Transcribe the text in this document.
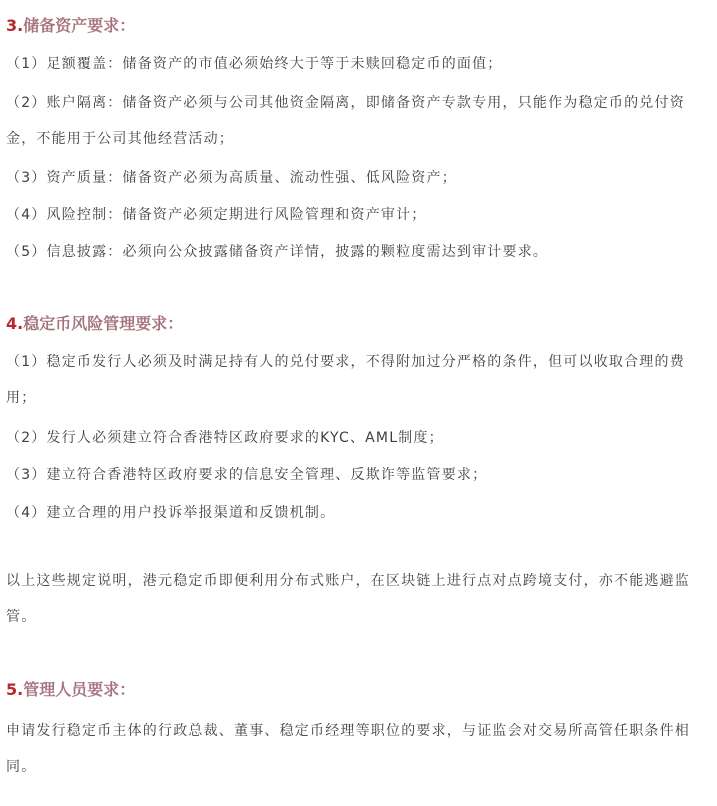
3.储备资产要求：

（1）足额覆盖：储备资产的市值必须始终大于等于未赎回稳定币的面值；

（2）账户隔离：储备资产必须与公司其他资金隔离，即储备资产专款专用，只能作为稳定币的兑付资金，不能用于公司其他经营活动；

（3）资产质量：储备资产必须为高质量、流动性强、低风险资产；

（4）风险控制：储备资产必须定期进行风险管理和资产审计；

（5）信息披露：必须向公众披露储备资产详情，披露的颗粒度需达到审计要求。

4.稳定币风险管理要求：

（1）稳定币发行人必须及时满足持有人的兑付要求，不得附加过分严格的条件，但可以收取合理的费用；

（2）发行人必须建立符合香港特区政府要求的KYC、AML制度；

（3）建立符合香港特区政府要求的信息安全管理、反欺诈等监管要求；

（4）建立合理的用户投诉举报渠道和反馈机制。

以上这些规定说明，港元稳定币即便利用分布式账户，在区块链上进行点对点跨境支付，亦不能逃避监管。

5.管理人员要求：

申请发行稳定币主体的行政总裁、董事、稳定币经理等职位的要求，与证监会对交易所高管任职条件相同。
